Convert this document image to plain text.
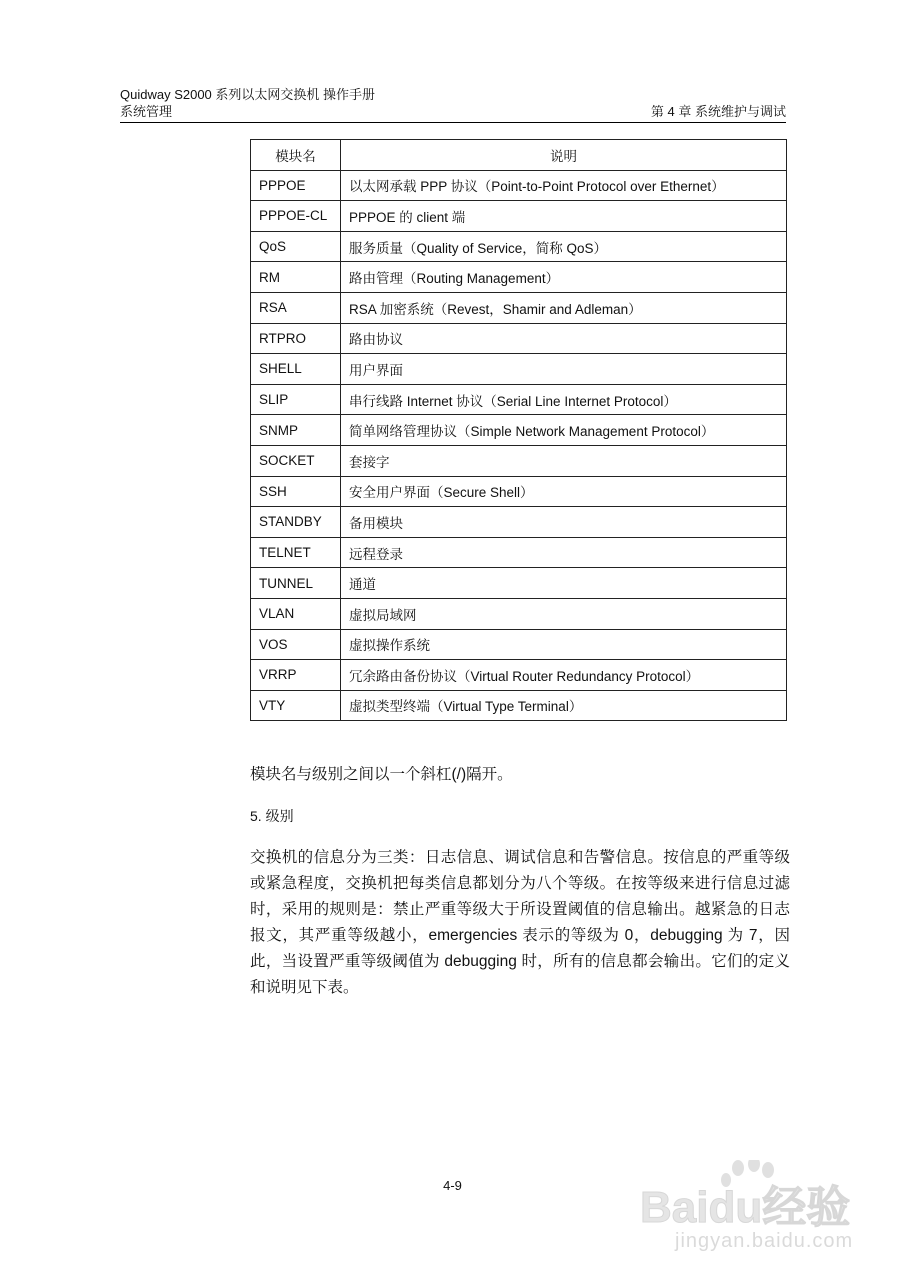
Quidway S2000 系列以太网交换机 操作手册
系统管理	第 4 章 系统维护与调试
模块名	说明
PPPOE	以太网承载 PPP 协议（Point-to-Point Protocol over Ethernet）
PPPOE-CL	PPPOE 的 client 端
QoS	服务质量（Quality of Service，简称 QoS）
RM	路由管理（Routing Management）
RSA	RSA 加密系统（Revest，Shamir and Adleman）
RTPRO	路由协议
SHELL	用户界面
SLIP	串行线路 Internet 协议（Serial Line Internet Protocol）
SNMP	简单网络管理协议（Simple Network Management Protocol）
SOCKET	套接字
SSH	安全用户界面（Secure Shell）
STANDBY	备用模块
TELNET	远程登录
TUNNEL	通道
VLAN	虚拟局域网
VOS	虚拟操作系统
VRRP	冗余路由备份协议（Virtual Router Redundancy Protocol）
VTY	虚拟类型终端（Virtual Type Terminal）
模块名与级别之间以一个斜杠(/)隔开。
5. 级别
交换机的信息分为三类：日志信息、调试信息和告警信息。按信息的严重等级或紧急程度，交换机把每类信息都划分为八个等级。在按等级来进行信息过滤时，采用的规则是：禁止严重等级大于所设置阈值的信息输出。越紧急的日志报文，其严重等级越小，emergencies 表示的等级为 0，debugging 为 7，因此，当设置严重等级阈值为 debugging 时，所有的信息都会输出。它们的定义和说明见下表。
4-9	Baidu经验
jingyan.baidu.com
